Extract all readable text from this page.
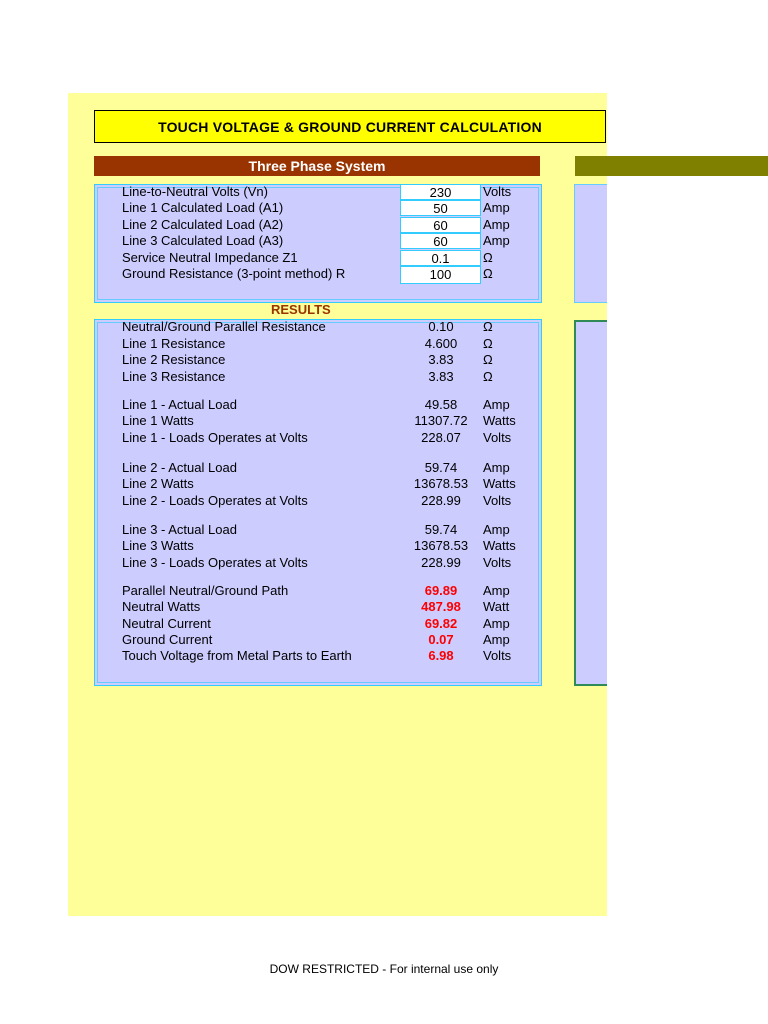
TOUCH VOLTAGE & GROUND CURRENT CALCULATION
Three Phase System
Line-to-Neutral Volts (Vn)	230	Volts
Line 1 Calculated Load (A1)	50	Amp
Line 2 Calculated Load (A2)	60	Amp
Line 3 Calculated Load (A3)	60	Amp
Service Neutral Impedance Z1	0.1	Ω
Ground Resistance (3-point method) R	100	Ω
RESULTS
Neutral/Ground Parallel Resistance	0.10	Ω
Line 1 Resistance	4.600	Ω
Line 2 Resistance	3.83	Ω
Line 3 Resistance	3.83	Ω
Line 1 - Actual Load	49.58	Amp
Line 1 Watts	11307.72	Watts
Line 1 - Loads Operates at Volts	228.07	Volts
Line 2 - Actual Load	59.74	Amp
Line 2 Watts	13678.53	Watts
Line 2 - Loads Operates at Volts	228.99	Volts
Line 3 - Actual Load	59.74	Amp
Line 3 Watts	13678.53	Watts
Line 3 - Loads Operates at Volts	228.99	Volts
Parallel Neutral/Ground Path	69.89	Amp
Neutral Watts	487.98	Watt
Neutral Current	69.82	Amp
Ground Current	0.07	Amp
Touch Voltage from Metal Parts to Earth	6.98	Volts
DOW RESTRICTED - For internal use only
